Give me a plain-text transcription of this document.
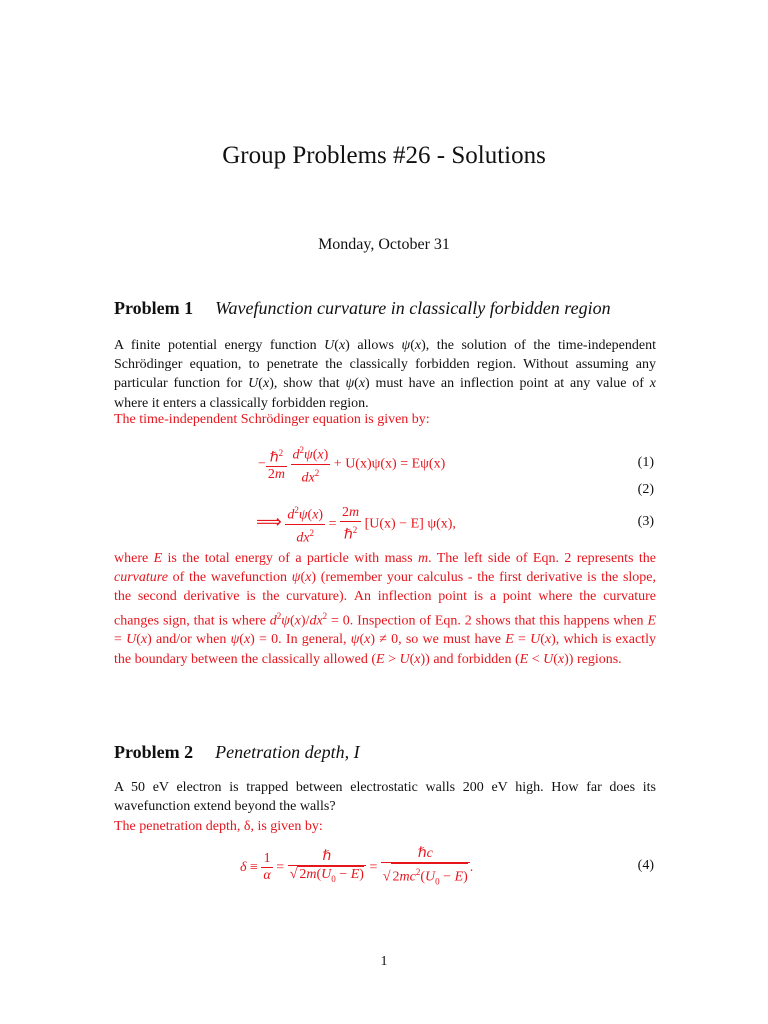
Group Problems #26 - Solutions
Monday, October 31
Problem 1 Wavefunction curvature in classically forbidden region
A finite potential energy function U(x) allows ψ(x), the solution of the time-independent Schrödinger equation, to penetrate the classically forbidden region. Without assuming any particular function for U(x), show that ψ(x) must have an inflection point at any value of x where it enters a classically forbidden region.
The time-independent Schrödinger equation is given by:
− $\frac{\hbar^2}{2m}$
$\frac{d^2\psi(x)}{dx^2} + U(x)\psi(x) = E\psi(x)$	(1)
(2)
⟹ $\frac{d^2\psi(x)}{dx^2} = \frac{2m}{\hbar^2} [U(x) - E]$ ψ(x),	(3)
where E is the total energy of a particle with mass m. The left side of Eqn. 2 represents the curvature of the wavefunction ψ(x) (remember your calculus - the first derivative is the slope, the second derivative is the curvature). An inflection point is a point where the curvature changes sign, that is where $d^2\psi(x)/dx^2 = 0$. Inspection of Eqn. 2 shows that this happens when E = U(x) and/or when ψ(x) = 0. In general, ψ(x) ≠ 0, so we must have E = U(x), which is exactly the boundary between the classically allowed (E > U(x)) and forbidden (E < U(x)) regions.
Problem 2 Penetration depth, I
A 50 eV electron is trapped between electrostatic walls 200 eV high. How far does its wavefunction extend beyond the walls?
The penetration depth, δ, is given by:
$\delta \equiv \frac{1}{\alpha} = \frac{\text{ℏ}}{√ 2m(U_0 - E)} = \frac{\text{ℏc}}{√ 2mc^2(U_0 - E)}$ .	(4)
1
